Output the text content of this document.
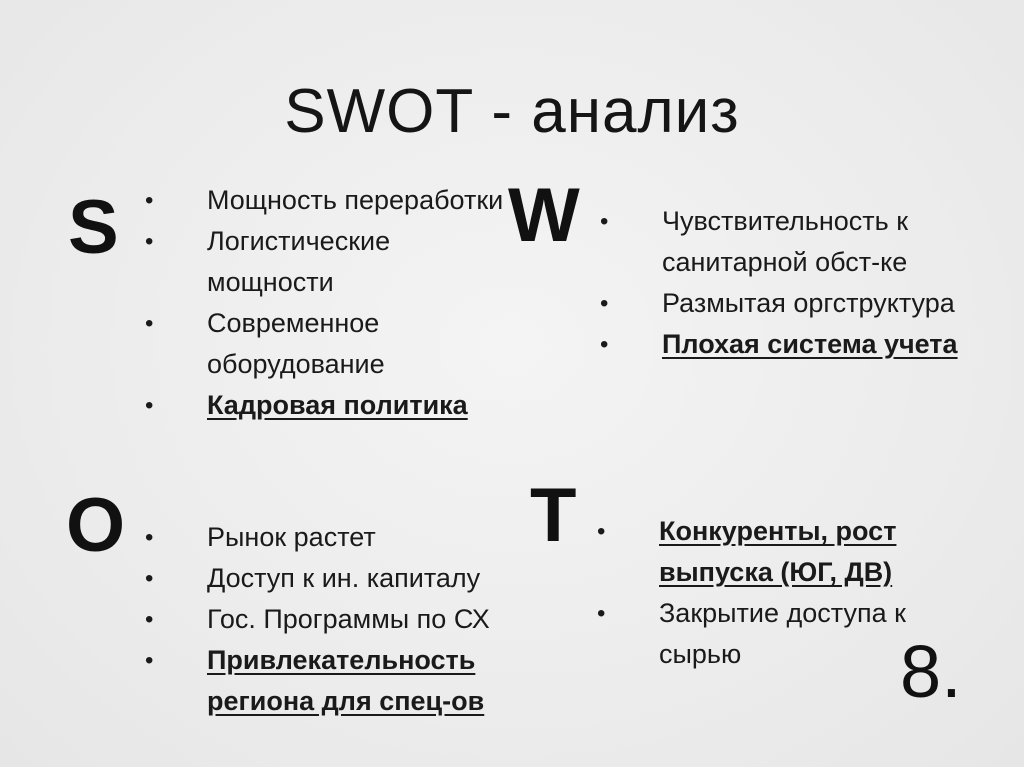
SWOT - анализ
S	W
O	T
• Мощность переработки
• Логистические мощности
• Современное оборудование
• Кадровая политика
• Чувствительность к санитарной обст-ке
• Размытая оргструктура
• Плохая система учета
• Рынок растет
• Доступ к ин. капиталу
• Гос. Программы по СХ
• Привлекательность региона для спец-ов
• Конкуренты, рост выпуска (ЮГ, ДВ)
• Закрытие доступа к сырью	8.
